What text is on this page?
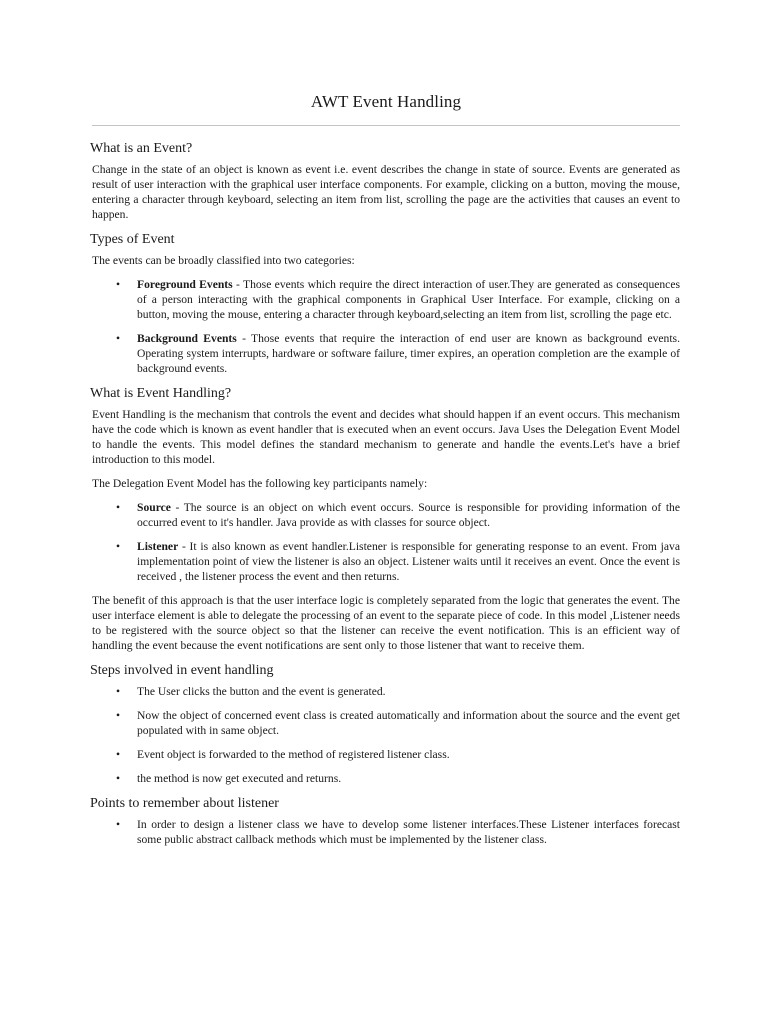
AWT Event Handling
What is an Event?

Change in the state of an object is known as event i.e. event describes the change in state of source. Events are generated as result of user interaction with the graphical user interface components. For example, clicking on a button, moving the mouse, entering a character through keyboard, selecting an item from list, scrolling the page are the activities that causes an event to happen.

Types of Event

The events can be broadly classified into two categories:

• Foreground Events - Those events which require the direct interaction of user.They are generated as consequences of a person interacting with the graphical components in Graphical User Interface. For example, clicking on a button, moving the mouse, entering a character through keyboard,selecting an item from list, scrolling the page etc.
• Background Events - Those events that require the interaction of end user are known as background events. Operating system interrupts, hardware or software failure, timer expires, an operation completion are the example of background events.
What is Event Handling?

Event Handling is the mechanism that controls the event and decides what should happen if an event occurs. This mechanism have the code which is known as event handler that is executed when an event occurs. Java Uses the Delegation Event Model to handle the events. This model defines the standard mechanism to generate and handle the events.Let's have a brief introduction to this model.

The Delegation Event Model has the following key participants namely:

• Source - The source is an object on which event occurs. Source is responsible for providing information of the occurred event to it's handler. Java provide as with classes for source object.
• Listener - It is also known as event handler.Listener is responsible for generating response to an event. From java implementation point of view the listener is also an object. Listener waits until it receives an event. Once the event is received , the listener process the event and then returns.

The benefit of this approach is that the user interface logic is completely separated from the logic that generates the event. The user interface element is able to delegate the processing of an event to the separate piece of code. In this model ,Listener needs to be registered with the source object so that the listener can receive the event notification. This is an efficient way of handling the event because the event notifications are sent only to those listener that want to receive them.

Steps involved in event handling
• The User clicks the button and the event is generated.
• Now the object of concerned event class is created automatically and information about the source and the event get populated with in same object.
• Event object is forwarded to the method of registered listener class.
• the method is now get executed and returns.
Points to remember about listener
• In order to design a listener class we have to develop some listener interfaces.These Listener interfaces forecast some public abstract callback methods which must be implemented by the listener class.
